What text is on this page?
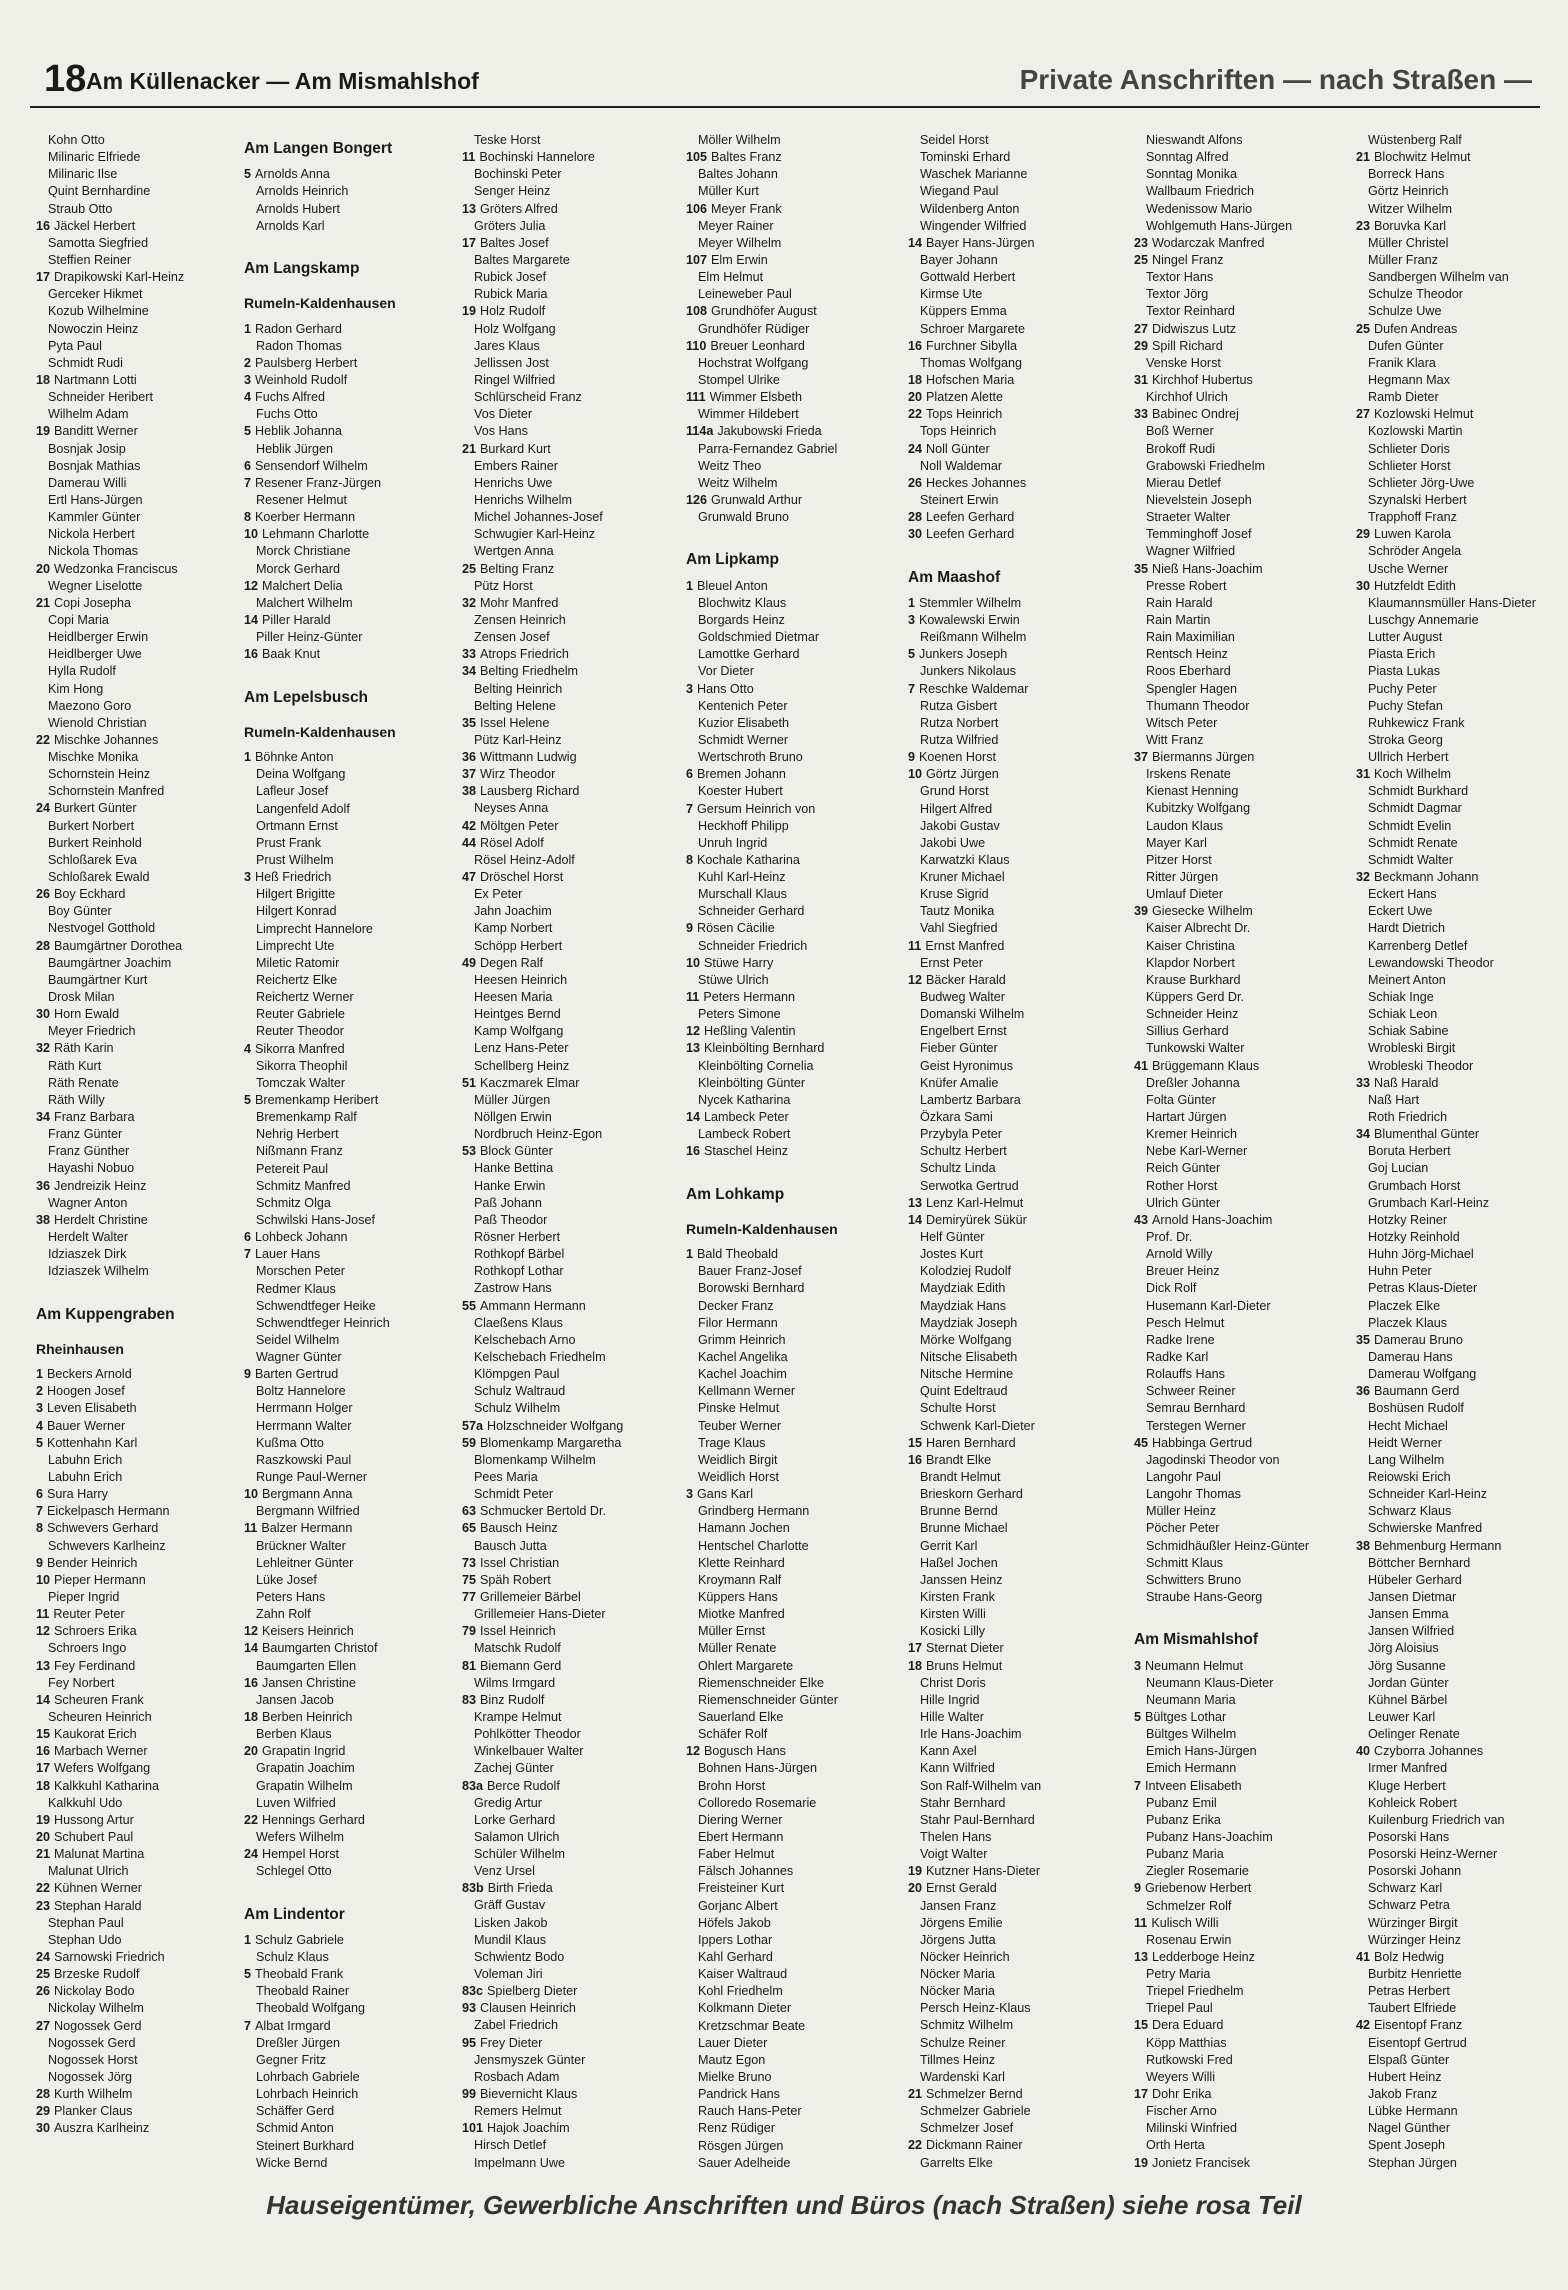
18 Am Küllenacker — Am Mismahlshof	Private Anschriften — nach Straßen —
Kohn Otto
Milinaric Elfriede
Milinaric Ilse
Quint Bernhardine
Straub Otto
16 Jäckel Herbert
Samotta Siegfried
Steffien Reiner
17 Drapikowski Karl-Heinz
Gerceker Hikmet
Kozub Wilhelmine
Nowoczin Heinz
Pyta Paul
Schmidt Rudi
18 Nartmann Lotti
Schneider Heribert
Wilhelm Adam
19 Banditt Werner
Bosnjak Josip
Bosnjak Mathias
Damerau Willi
Ertl Hans-Jürgen
Kammler Günter
Nickola Herbert
Nickola Thomas
20 Wedzonka Franciscus
Wegner Liselotte
21 Copi Josepha
Copi Maria
Heidlberger Erwin
Heidlberger Uwe
Hylla Rudolf
Kim Hong
Maezono Goro
Wienold Christian
22 Mischke Johannes
Mischke Monika
Schornstein Heinz
Schornstein Manfred
24 Burkert Günter
Burkert Norbert
Burkert Reinhold
Schloßarek Eva
Schloßarek Ewald
26 Boy Eckhard
Boy Günter
Nestvogel Gotthold
28 Baumgärtner Dorothea
Baumgärtner Joachim
Baumgärtner Kurt
Drosk Milan
30 Horn Ewald
Meyer Friedrich
32 Räth Karin
Räth Kurt
Räth Renate
Räth Willy
34 Franz Barbara
Franz Günter
Franz Günther
Hayashi Nobuo
36 Jendreizik Heinz
Wagner Anton
38 Herdelt Christine
Herdelt Walter
Idziaszek Dirk
Idziaszek Wilhelm
Am Kuppengraben
Rheinhausen
1 Beckers Arnold
2 Hoogen Josef
3 Leven Elisabeth
4 Bauer Werner
5 Kottenhahn Karl
Labuhn Erich
Labuhn Erich
6 Sura Harry
7 Eickelpasch Hermann
8 Schwevers Gerhard
Schwevers Karlheinz
9 Bender Heinrich
10 Pieper Hermann
Pieper Ingrid
11 Reuter Peter
12 Schroers Erika
Schroers Ingo
13 Fey Ferdinand
Fey Norbert
14 Scheuren Frank
Scheuren Heinrich
15 Kaukorat Erich
16 Marbach Werner
17 Wefers Wolfgang
18 Kalkkuhl Katharina
Kalkkuhl Udo
19 Hussong Artur
20 Schubert Paul
21 Malunat Martina
Malunat Ulrich
22 Kühnen Werner
23 Stephan Harald
Stephan Paul
Stephan Udo
24 Sarnowski Friedrich
25 Brzeske Rudolf
26 Nickolay Bodo
Nickolay Wilhelm
27 Nogossek Gerd
Nogossek Gerd
Nogossek Horst
Nogossek Jörg
28 Kurth Wilhelm
29 Planker Claus
30 Auszra Karlheinz
Am Langen Bongert
5 Arnolds Anna
Arnolds Heinrich
Arnolds Hubert
Arnolds Karl
Am Langskamp
Rumeln-Kaldenhausen
1 Radon Gerhard
Radon Thomas
2 Paulsberg Herbert
3 Weinhold Rudolf
4 Fuchs Alfred
Fuchs Otto
5 Heblik Johanna
Heblik Jürgen
6 Sensendorf Wilhelm
7 Resener Franz-Jürgen
Resener Helmut
8 Koerber Hermann
10 Lehmann Charlotte
Morck Christiane
Morck Gerhard
12 Malchert Delia
Malchert Wilhelm
14 Piller Harald
Piller Heinz-Günter
16 Baak Knut
Am Lepelsbusch
Rumeln-Kaldenhausen
1 Böhnke Anton
Deina Wolfgang
Lafleur Josef
Langenfeld Adolf
Ortmann Ernst
Prust Frank
Prust Wilhelm
3 Heß Friedrich
Hilgert Brigitte
Hilgert Konrad
Limprecht Hannelore
Limprecht Ute
Miletic Ratomir
Reichertz Elke
Reichertz Werner
Reuter Gabriele
Reuter Theodor
4 Sikorra Manfred
Sikorra Theophil
Tomczak Walter
5 Bremenkamp Heribert
Bremenkamp Ralf
Nehrig Herbert
Nißmann Franz
Petereit Paul
Schmitz Manfred
Schmitz Olga
Schwilski Hans-Josef
6 Lohbeck Johann
7 Lauer Hans
Morschen Peter
Redmer Klaus
Schwendtfeger Heike
Schwendtfeger Heinrich
Seidel Wilhelm
Wagner Günter
9 Barten Gertrud
Boltz Hannelore
Herrmann Holger
Herrmann Walter
Kußma Otto
Raszkowski Paul
Runge Paul-Werner
10 Bergmann Anna
Bergmann Wilfried
11 Balzer Hermann
Brückner Walter
Lehleitner Günter
Lüke Josef
Peters Hans
Zahn Rolf
12 Keisers Heinrich
14 Baumgarten Christof
Baumgarten Ellen
16 Jansen Christine
Jansen Jacob
18 Berben Heinrich
Berben Klaus
20 Grapatin Ingrid
Grapatin Joachim
Grapatin Wilhelm
Luven Wilfried
22 Hennings Gerhard
Wefers Wilhelm
24 Hempel Horst
Schlegel Otto
Am Lindentor
1 Schulz Gabriele
Schulz Klaus
5 Theobald Frank
Theobald Rainer
Theobald Wolfgang
7 Albat Irmgard
Dreßler Jürgen
Gegner Fritz
Lohrbach Gabriele
Lohrbach Heinrich
Schäffer Gerd
Schmid Anton
Steinert Burkhard
Wicke Bernd
Teske Horst
11 Bochinski Hannelore
Bochinski Peter
Senger Heinz
13 Gröters Alfred
Gröters Julia
17 Baltes Josef
Baltes Margarete
Rubick Josef
Rubick Maria
19 Holz Rudolf
Holz Wolfgang
Jares Klaus
Jellissen Jost
Ringel Wilfried
Schlürscheid Franz
Vos Dieter
Vos Hans
21 Burkard Kurt
Embers Rainer
Henrichs Uwe
Henrichs Wilhelm
Michel Johannes-Josef
Schwugier Karl-Heinz
Wertgen Anna
25 Belting Franz
Pütz Horst
32 Mohr Manfred
Zensen Heinrich
Zensen Josef
33 Atrops Friedrich
34 Belting Friedhelm
Belting Heinrich
Belting Helene
35 Issel Helene
Pütz Karl-Heinz
36 Wittmann Ludwig
37 Wirz Theodor
38 Lausberg Richard
Neyses Anna
42 Möltgen Peter
44 Rösel Adolf
Rösel Heinz-Adolf
47 Dröschel Horst
Ex Peter
Jahn Joachim
Kamp Norbert
Schöpp Herbert
49 Degen Ralf
Heesen Heinrich
Heesen Maria
Heintges Bernd
Kamp Wolfgang
Lenz Hans-Peter
Schellberg Heinz
51 Kaczmarek Elmar
Müller Jürgen
Nöllgen Erwin
Nordbruch Heinz-Egon
53 Block Günter
Hanke Bettina
Hanke Erwin
Paß Johann
Paß Theodor
Rösner Herbert
Rothkopf Bärbel
Rothkopf Lothar
Zastrow Hans
55 Ammann Hermann
Claeßens Klaus
Kelschebach Arno
Kelschebach Friedhelm
Klömpgen Paul
Schulz Waltraud
Schulz Wilhelm
57a Holzschneider Wolfgang
59 Blomenkamp Margaretha
Blomenkamp Wilhelm
Pees Maria
Schmidt Peter
63 Schmucker Bertold Dr.
65 Bausch Heinz
Bausch Jutta
73 Issel Christian
75 Späh Robert
77 Grillemeier Bärbel
Grillemeier Hans-Dieter
79 Issel Heinrich
Matschk Rudolf
81 Biemann Gerd
Wilms Irmgard
83 Binz Rudolf
Krampe Helmut
Pohlkötter Theodor
Winkelbauer Walter
Zachej Günter
83a Berce Rudolf
Gredig Artur
Lorke Gerhard
Salamon Ulrich
Schüler Wilhelm
Venz Ursel
83b Birth Frieda
Gräff Gustav
Lisken Jakob
Mundil Klaus
Schwientz Bodo
Voleman Jiri
83c Spielberg Dieter
93 Clausen Heinrich
Zabel Friedrich
95 Frey Dieter
Jensmyszek Günter
Rosbach Adam
99 Bievernicht Klaus
Remers Helmut
101 Hajok Joachim
Hirsch Detlef
Impelmann Uwe
Möller Wilhelm
105 Baltes Franz
Baltes Johann
Müller Kurt
106 Meyer Frank
Meyer Rainer
Meyer Wilhelm
107 Elm Erwin
Elm Helmut
Leineweber Paul
108 Grundhöfer August
Grundhöfer Rüdiger
110 Breuer Leonhard
Hochstrat Wolfgang
Stompel Ulrike
111 Wimmer Elsbeth
Wimmer Hildebert
114a Jakubowski Frieda
Parra-Fernandez Gabriel
Weitz Theo
Weitz Wilhelm
126 Grunwald Arthur
Grunwald Bruno
Am Lipkamp
1 Bleuel Anton
Blochwitz Klaus
Borgards Heinz
Goldschmied Dietmar
Lamottke Gerhard
Vor Dieter
3 Hans Otto
Kentenich Peter
Kuzior Elisabeth
Schmidt Werner
Wertschroth Bruno
6 Bremen Johann
Koester Hubert
7 Gersum Heinrich von
Heckhoff Philipp
Unruh Ingrid
8 Kochale Katharina
Kuhl Karl-Heinz
Murschall Klaus
Schneider Gerhard
9 Rösen Cäcilie
Schneider Friedrich
10 Stüwe Harry
Stüwe Ulrich
11 Peters Hermann
Peters Simone
12 Heßling Valentin
13 Kleinbölting Bernhard
Kleinbölting Cornelia
Kleinbölting Günter
Nycek Katharina
14 Lambeck Peter
Lambeck Robert
16 Staschel Heinz
Am Lohkamp
Rumeln-Kaldenhausen
1 Bald Theobald
Bauer Franz-Josef
Borowski Bernhard
Decker Franz
Filor Hermann
Grimm Heinrich
Kachel Angelika
Kachel Joachim
Kellmann Werner
Pinske Helmut
Teuber Werner
Trage Klaus
Weidlich Birgit
Weidlich Horst
3 Gans Karl
Grindberg Hermann
Hamann Jochen
Hentschel Charlotte
Klette Reinhard
Kroymann Ralf
Küppers Hans
Miotke Manfred
Müller Ernst
Müller Renate
Ohlert Margarete
Riemenschneider Elke
Riemenschneider Günter
Sauerland Elke
Schäfer Rolf
12 Bogusch Hans
Bohnen Hans-Jürgen
Brohn Horst
Colloredo Rosemarie
Diering Werner
Ebert Hermann
Faber Helmut
Fälsch Johannes
Freisteiner Kurt
Gorjanc Albert
Höfels Jakob
Ippers Lothar
Kahl Gerhard
Kaiser Waltraud
Kohl Friedhelm
Kolkmann Dieter
Kretzschmar Beate
Lauer Dieter
Mautz Egon
Mielke Bruno
Pandrick Hans
Rauch Hans-Peter
Renz Rüdiger
Rösgen Jürgen
Sauer Adelheide
Seidel Horst
Tominski Erhard
Waschek Marianne
Wiegand Paul
Wildenberg Anton
Wingender Wilfried
14 Bayer Hans-Jürgen
Bayer Johann
Gottwald Herbert
Kirmse Ute
Küppers Emma
Schroer Margarete
16 Furchner Sibylla
Thomas Wolfgang
18 Hofschen Maria
20 Platzen Alette
22 Tops Heinrich
Tops Heinrich
24 Noll Günter
Noll Waldemar
26 Heckes Johannes
Steinert Erwin
28 Leefen Gerhard
30 Leefen Gerhard
Am Maashof
1 Stemmler Wilhelm
3 Kowalewski Erwin
Reißmann Wilhelm
5 Junkers Joseph
Junkers Nikolaus
7 Reschke Waldemar
Rutza Gisbert
Rutza Norbert
Rutza Wilfried
9 Koenen Horst
10 Görtz Jürgen
Grund Horst
Hilgert Alfred
Jakobi Gustav
Jakobi Uwe
Karwatzki Klaus
Kruner Michael
Kruse Sigrid
Tautz Monika
Vahl Siegfried
11 Ernst Manfred
Ernst Peter
12 Bäcker Harald
Budweg Walter
Domanski Wilhelm
Engelbert Ernst
Fieber Günter
Geist Hyronimus
Knüfer Amalie
Lambertz Barbara
Özkara Sami
Przybyla Peter
Schultz Herbert
Schultz Linda
Serwotka Gertrud
13 Lenz Karl-Helmut
14 Demiryürek Sükür
Helf Günter
Jostes Kurt
Kolodziej Rudolf
Maydziak Edith
Maydziak Hans
Maydziak Joseph
Mörke Wolfgang
Nitsche Elisabeth
Nitsche Hermine
Quint Edeltraud
Schulte Horst
Schwenk Karl-Dieter
15 Haren Bernhard
16 Brandt Elke
Brandt Helmut
Brieskorn Gerhard
Brunne Bernd
Brunne Michael
Gerrit Karl
Haßel Jochen
Janssen Heinz
Kirsten Frank
Kirsten Willi
Kosicki Lilly
17 Sternat Dieter
18 Bruns Helmut
Christ Doris
Hille Ingrid
Hille Walter
Irle Hans-Joachim
Kann Axel
Kann Wilfried
Son Ralf-Wilhelm van
Stahr Bernhard
Stahr Paul-Bernhard
Thelen Hans
Voigt Walter
19 Kutzner Hans-Dieter
20 Ernst Gerald
Jansen Franz
Jörgens Emilie
Jörgens Jutta
Nöcker Heinrich
Nöcker Maria
Nöcker Maria
Persch Heinz-Klaus
Schmitz Wilhelm
Schulze Reiner
Tillmes Heinz
Wardenski Karl
21 Schmelzer Bernd
Schmelzer Gabriele
Schmelzer Josef
22 Dickmann Rainer
Garrelts Elke
Nieswandt Alfons
Sonntag Alfred
Sonntag Monika
Wallbaum Friedrich
Wedenissow Mario
Wohlgemuth Hans-Jürgen
23 Wodarczak Manfred
25 Ningel Franz
Textor Hans
Textor Jörg
Textor Reinhard
27 Didwiszus Lutz
29 Spill Richard
Venske Horst
31 Kirchhof Hubertus
Kirchhof Ulrich
33 Babinec Ondrej
Boß Werner
Brokoff Rudi
Grabowski Friedhelm
Mierau Detlef
Nievelstein Joseph
Straeter Walter
Temminghoff Josef
Wagner Wilfried
35 Nieß Hans-Joachim
Presse Robert
Rain Harald
Rain Martin
Rain Maximilian
Rentsch Heinz
Roos Eberhard
Spengler Hagen
Thumann Theodor
Witsch Peter
Witt Franz
37 Biermanns Jürgen
Irskens Renate
Kienast Henning
Kubitzky Wolfgang
Laudon Klaus
Mayer Karl
Pitzer Horst
Ritter Jürgen
Umlauf Dieter
39 Giesecke Wilhelm
Kaiser Albrecht Dr.
Kaiser Christina
Klapdor Norbert
Krause Burkhard
Küppers Gerd Dr.
Schneider Heinz
Sillius Gerhard
Tunkowski Walter
41 Brüggemann Klaus
Dreßler Johanna
Folta Günter
Hartart Jürgen
Kremer Heinrich
Nebe Karl-Werner
Reich Günter
Rother Horst
Ulrich Günter
43 Arnold Hans-Joachim
Prof. Dr.
Arnold Willy
Breuer Heinz
Dick Rolf
Husemann Karl-Dieter
Pesch Helmut
Radke Irene
Radke Karl
Rolauffs Hans
Schweer Reiner
Semrau Bernhard
Terstegen Werner
45 Habbinga Gertrud
Jagodinski Theodor von
Langohr Paul
Langohr Thomas
Müller Heinz
Pöcher Peter
Schmidhäußler Heinz-Günter
Schmitt Klaus
Schwitters Bruno
Straube Hans-Georg
Am Mismahlshof
3 Neumann Helmut
Neumann Klaus-Dieter
Neumann Maria
5 Bültges Lothar
Bültges Wilhelm
Emich Hans-Jürgen
Emich Hermann
7 Intveen Elisabeth
Pubanz Emil
Pubanz Erika
Pubanz Hans-Joachim
Pubanz Maria
Ziegler Rosemarie
9 Griebenow Herbert
Schmelzer Rolf
11 Kulisch Willi
Rosenau Erwin
13 Ledderboge Heinz
Petry Maria
Triepel Friedhelm
Triepel Paul
15 Dera Eduard
Köpp Matthias
Rutkowski Fred
Weyers Willi
17 Dohr Erika
Fischer Arno
Milinski Winfried
Orth Herta
19 Jonietz Francisek
Wüstenberg Ralf
21 Blochwitz Helmut
Borreck Hans
Görtz Heinrich
Witzer Wilhelm
23 Boruvka Karl
Müller Christel
Müller Franz
Sandbergen Wilhelm van
Schulze Theodor
Schulze Uwe
25 Dufen Andreas
Dufen Günter
Franik Klara
Hegmann Max
Ramb Dieter
27 Kozlowski Helmut
Kozlowski Martin
Schlieter Doris
Schlieter Horst
Schlieter Jörg-Uwe
Szynalski Herbert
Trapphoff Franz
29 Luwen Karola
Schröder Angela
Usche Werner
30 Hutzfeldt Edith
Klaumannsmüller Hans-Dieter
Luschgy Annemarie
Lutter August
Piasta Erich
Piasta Lukas
Puchy Peter
Puchy Stefan
Ruhkewicz Frank
Stroka Georg
Ullrich Herbert
31 Koch Wilhelm
Schmidt Burkhard
Schmidt Dagmar
Schmidt Evelin
Schmidt Renate
Schmidt Walter
32 Beckmann Johann
Eckert Hans
Eckert Uwe
Hardt Dietrich
Karrenberg Detlef
Lewandowski Theodor
Meinert Anton
Schiak Inge
Schiak Leon
Schiak Sabine
Wrobleski Birgit
Wrobleski Theodor
33 Naß Harald
Naß Hart
Roth Friedrich
34 Blumenthal Günter
Boruta Herbert
Goj Lucian
Grumbach Horst
Grumbach Karl-Heinz
Hotzky Reiner
Hotzky Reinhold
Huhn Jörg-Michael
Huhn Peter
Petras Klaus-Dieter
Placzek Elke
Placzek Klaus
35 Damerau Bruno
Damerau Hans
Damerau Wolfgang
36 Baumann Gerd
Boshüsen Rudolf
Hecht Michael
Heidt Werner
Lang Wilhelm
Reiowski Erich
Schneider Karl-Heinz
Schwarz Klaus
Schwierske Manfred
38 Behmenburg Hermann
Böttcher Bernhard
Hübeler Gerhard
Jansen Dietmar
Jansen Emma
Jansen Wilfried
Jörg Aloisius
Jörg Susanne
Jordan Günter
Kühnel Bärbel
Leuwer Karl
Oelinger Renate
40 Czyborra Johannes
Irmer Manfred
Kluge Herbert
Kohleick Robert
Kuilenburg Friedrich van
Posorski Hans
Posorski Heinz-Werner
Posorski Johann
Schwarz Karl
Schwarz Petra
Würzinger Birgit
Würzinger Heinz
41 Bolz Hedwig
Burbitz Henriette
Petras Herbert
Taubert Elfriede
42 Eisentopf Franz
Eisentopf Gertrud
Elspaß Günter
Hubert Heinz
Jakob Franz
Lübke Hermann
Nagel Günther
Spent Joseph
Stephan Jürgen
Hauseigentümer, Gewerbliche Anschriften und Büros (nach Straßen) siehe rosa Teil
